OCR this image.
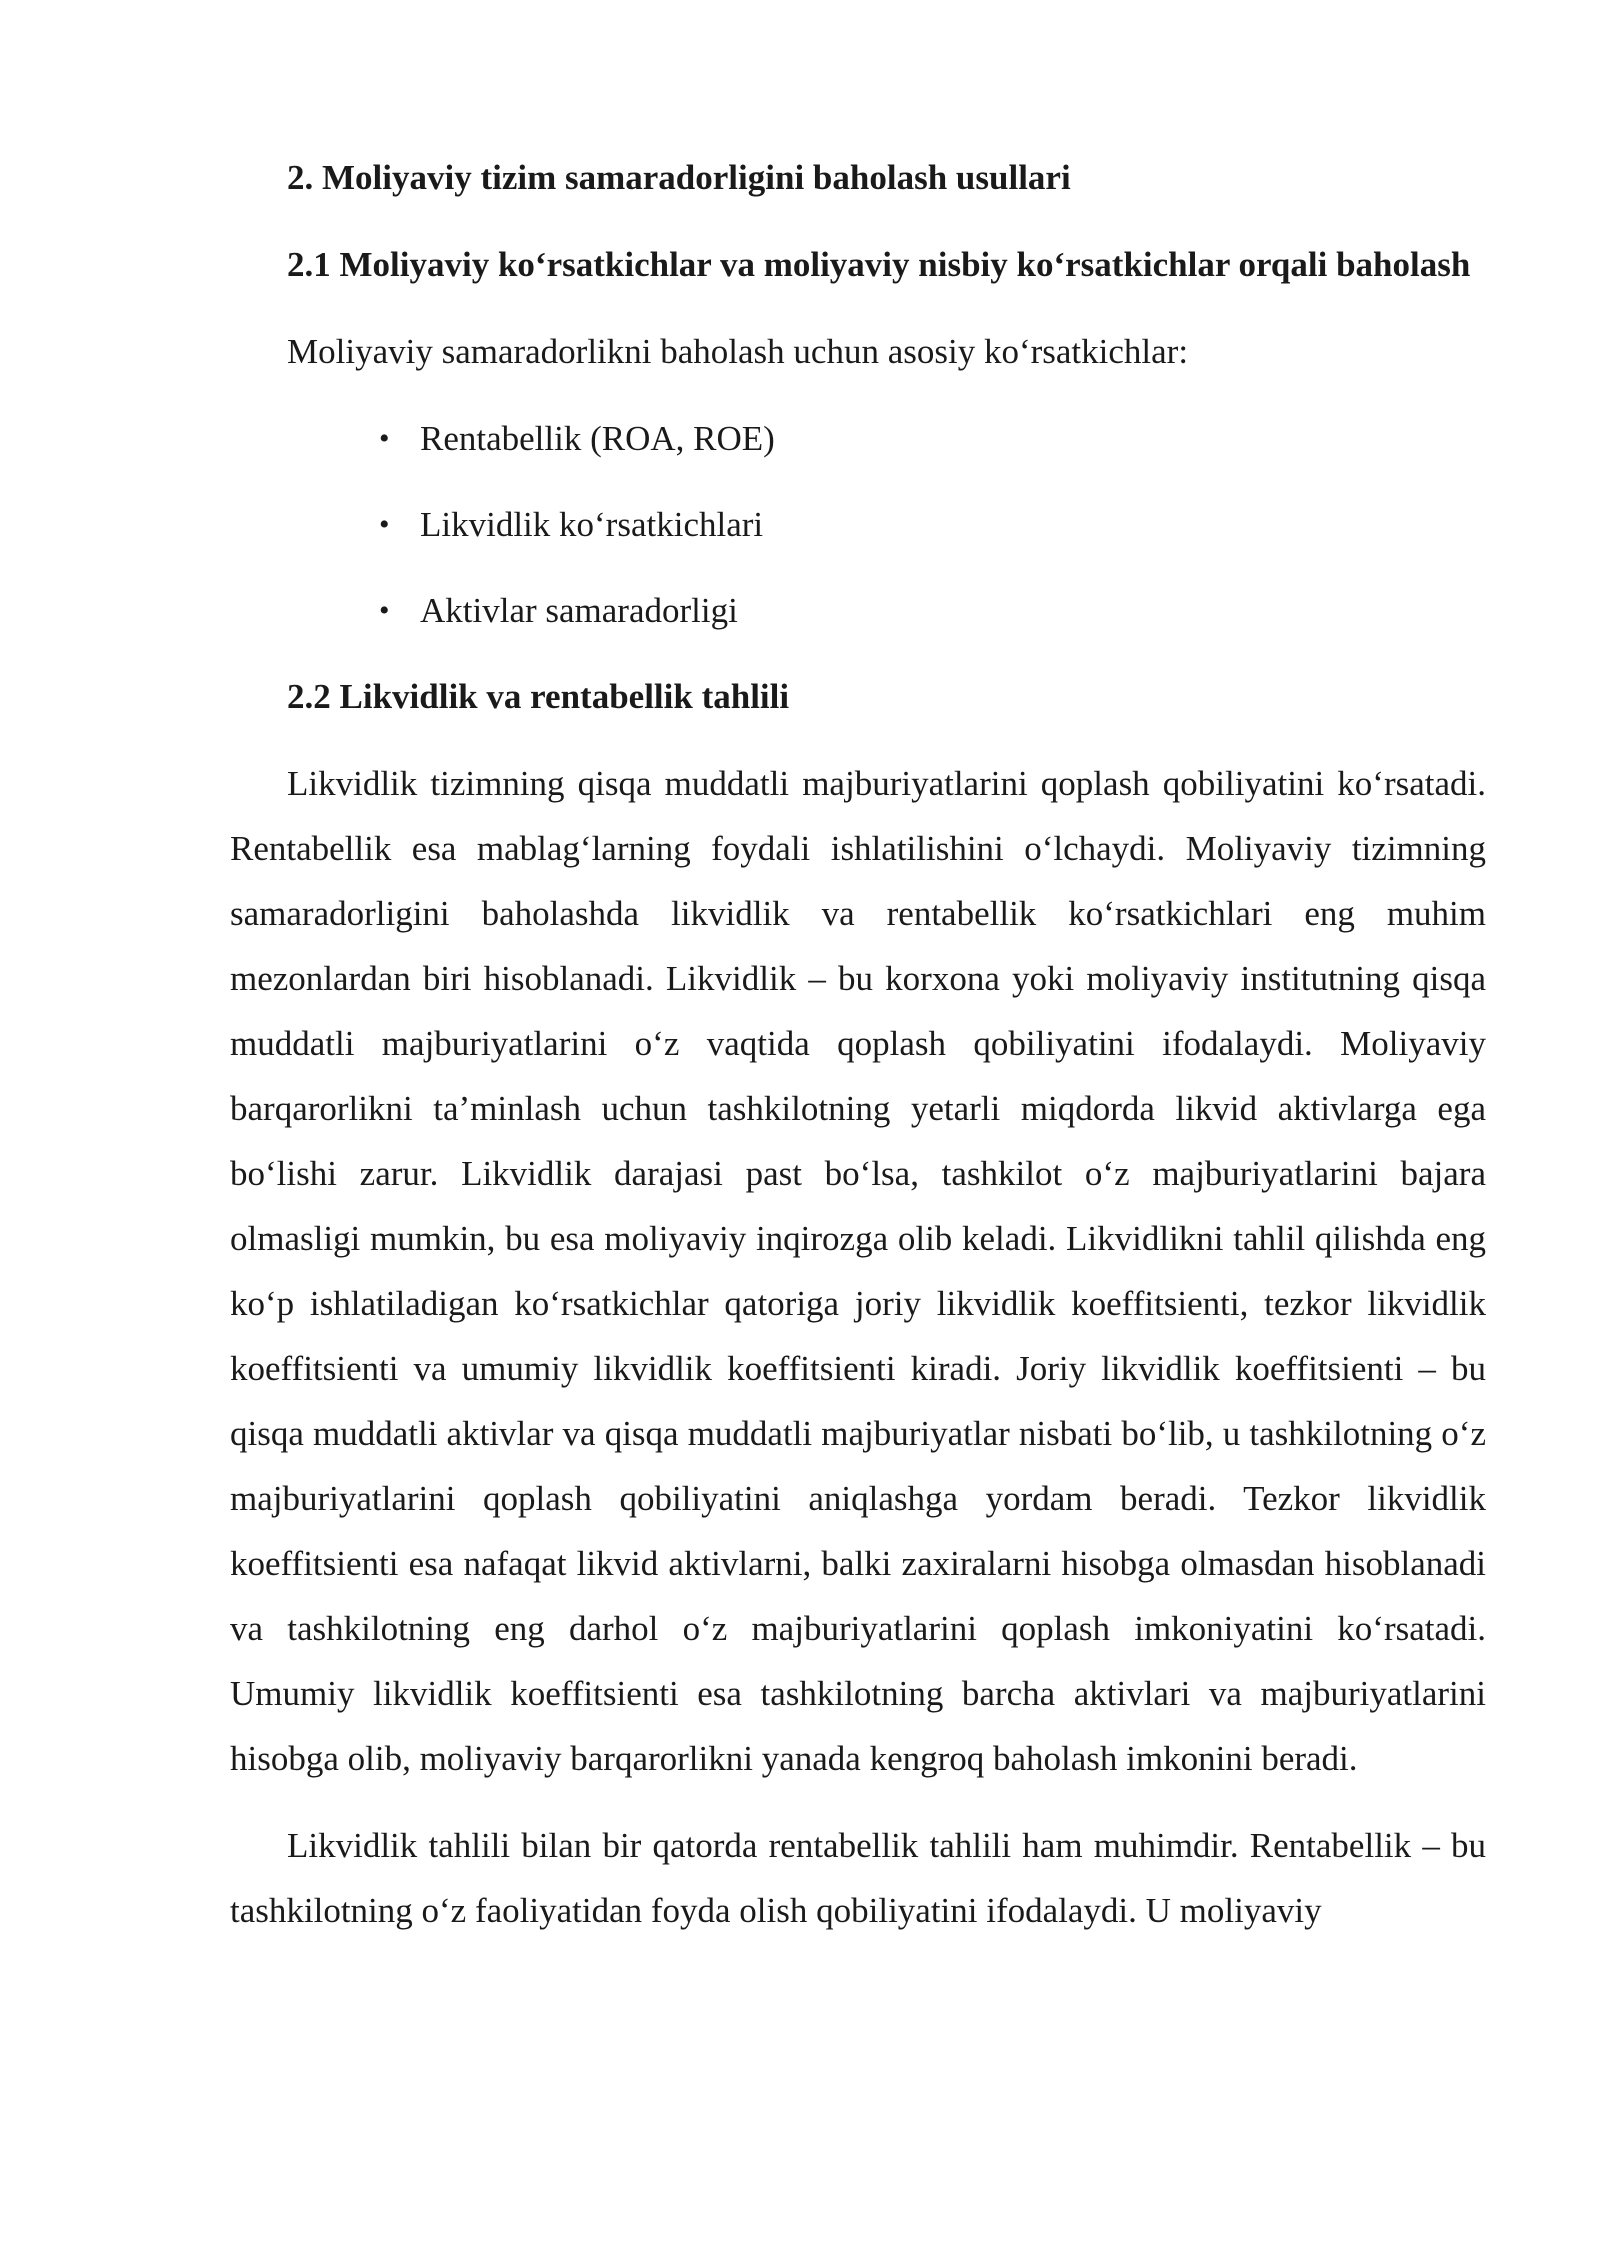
2. Moliyaviy tizim samaradorligini baholash usullari

2.1 Moliyaviy ko‘rsatkichlar va moliyaviy nisbiy ko‘rsatkichlar orqali baholash

Moliyaviy samaradorlikni baholash uchun asosiy ko‘rsatkichlar:

• Rentabellik (ROA, ROE)
• Likvidlik ko‘rsatkichlari
• Aktivlar samaradorligi

2.2 Likvidlik va rentabellik tahlili

Likvidlik tizimning qisqa muddatli majburiyatlarini qoplash qobiliyatini ko‘rsatadi. Rentabellik esa mablag‘larning foydali ishlatilishini o‘lchaydi. Moliyaviy tizimning samaradorligini baholashda likvidlik va rentabellik ko‘rsatkichlari eng muhim mezonlardan biri hisoblanadi. Likvidlik – bu korxona yoki moliyaviy institutning qisqa muddatli majburiyatlarini o‘z vaqtida qoplash qobiliyatini ifodalaydi. Moliyaviy barqarorlikni ta’minlash uchun tashkilotning yetarli miqdorda likvid aktivlarga ega bo‘lishi zarur. Likvidlik darajasi past bo‘lsa, tashkilot o‘z majburiyatlarini bajara olmasligi mumkin, bu esa moliyaviy inqirozga olib keladi. Likvidlikni tahlil qilishda eng ko‘p ishlatiladigan ko‘rsatkichlar qatoriga joriy likvidlik koeffitsienti, tezkor likvidlik koeffitsienti va umumiy likvidlik koeffitsienti kiradi. Joriy likvidlik koeffitsienti – bu qisqa muddatli aktivlar va qisqa muddatli majburiyatlar nisbati bo‘lib, u tashkilotning o‘z majburiyatlarini qoplash qobiliyatini aniqlashga yordam beradi. Tezkor likvidlik koeffitsienti esa nafaqat likvid aktivlarni, balki zaxiralarni hisobga olmasdan hisoblanadi va tashkilotning eng darhol o‘z majburiyatlarini qoplash imkoniyatini ko‘rsatadi. Umumiy likvidlik koeffitsienti esa tashkilotning barcha aktivlari va majburiyatlarini hisobga olib, moliyaviy barqarorlikni yanada kengroq baholash imkonini beradi.

Likvidlik tahlili bilan bir qatorda rentabellik tahlili ham muhimdir. Rentabellik – bu tashkilotning o‘z faoliyatidan foyda olish qobiliyatini ifodalaydi. U moliyaviy
